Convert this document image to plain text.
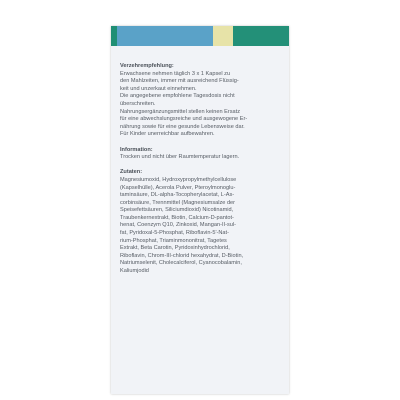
Verzehrempfehlung:
Erwachsene nehmen täglich 3 x 1 Kapsel zu
den Mahlzeiten, immer mit ausreichend Flüssig-
keit und unzerkaut einnehmen.
Die angegebene empfohlene Tagesdosis nicht
überschreiten.
Nahrungsergänzungsmittel stellen keinen Ersatz
für eine abwechslungsreiche und ausgewogene Er-
nährung sowie für eine gesunde Lebensweise dar.
Für Kinder unerreichbar aufbewahren.
Information:
Trocken und nicht über Raumtemperatur lagern.
Zutaten:
Magnesiumoxid, Hydroxypropylmethylcellulose
(Kapselhülle), Acerola Pulver, Pteroylmonoglu-
taminsäure, DL-alpha-Tocopherylacetat, L-As-
corbinsäure, Trennmittel (Magnesiumsalze der
Speisefettsäuren, Siliciumdioxid) Nicotinamid,
Traubenkernextrakt, Biotin, Calcium-D-pantot-
henat, Coenzym Q10, Zinkoxid, Mangan-II-sul-
fat, Pyridoxal-5-Phosphat, Riboflavin-5'-Nat-
rium-Phosphat, Triaminmononitrat, Tagetes
Extrakt, Beta Carotin, Pyridoxinhydrochlorid,
Riboflavin, Chrom-III-chlorid hexahydrat, D-Biotin,
Natriumselenit, Cholecalciferol, Cyanocobalamin,
Kaliumjodid
